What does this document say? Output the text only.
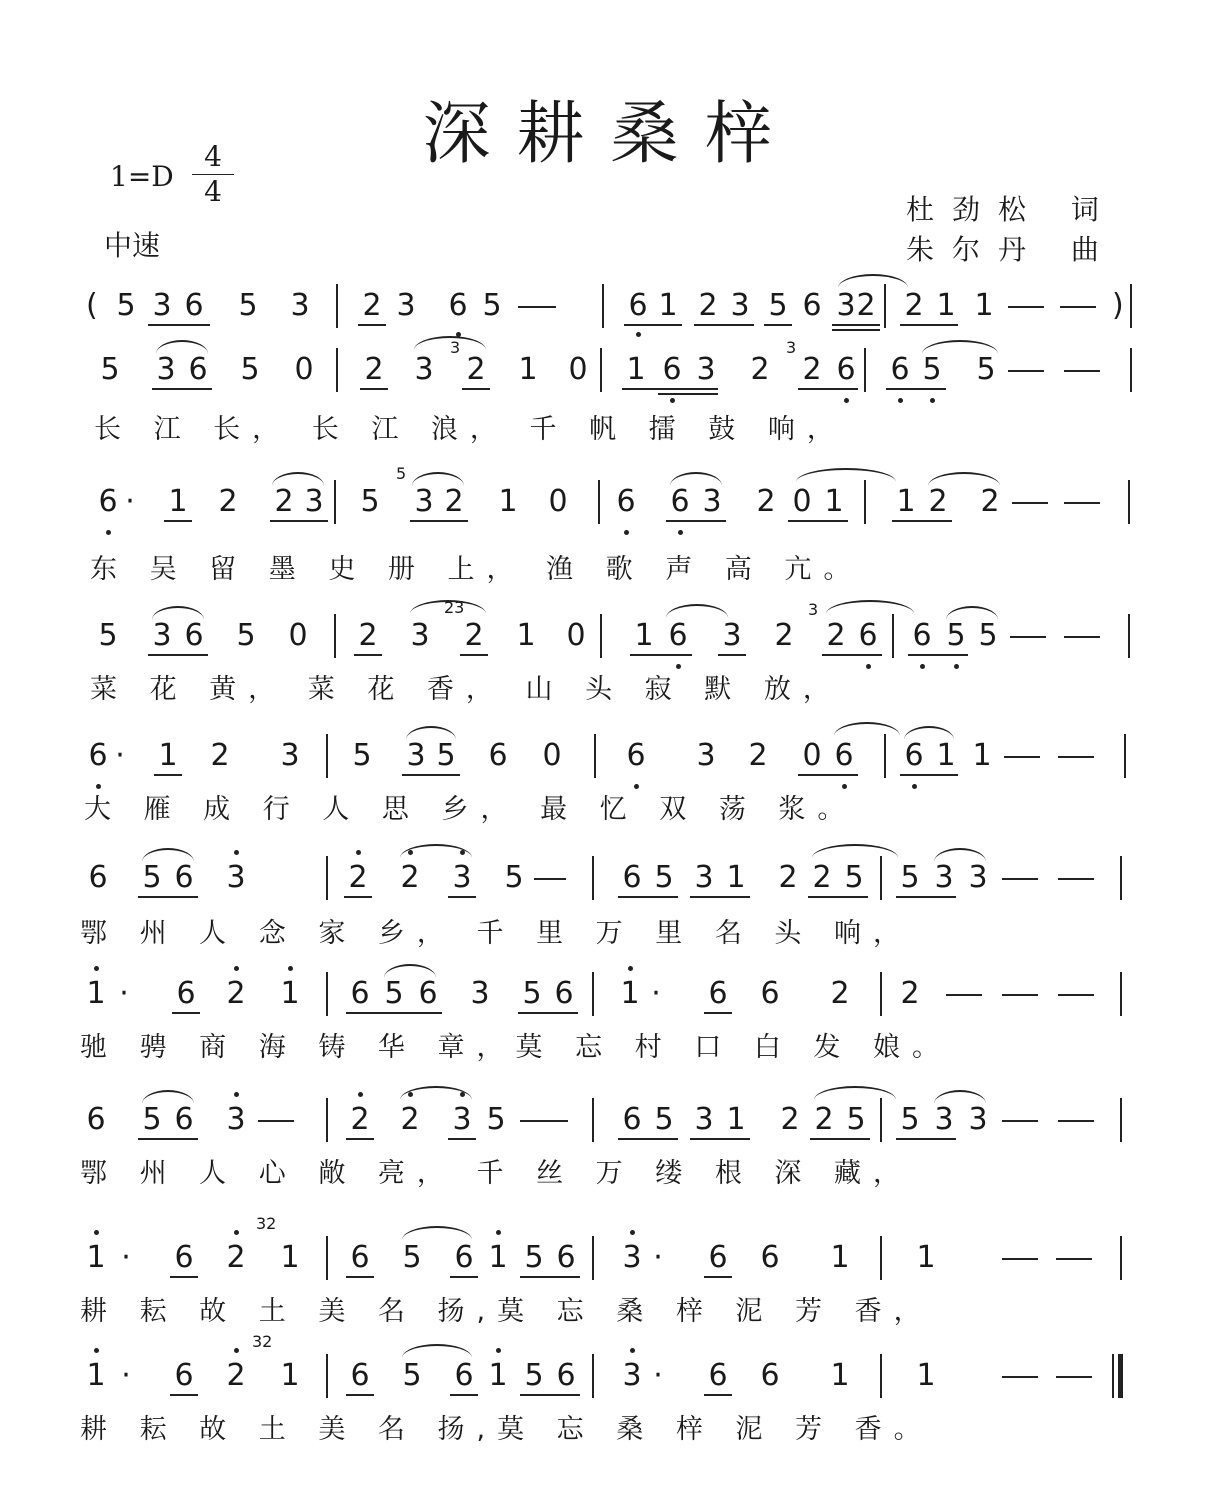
深耕桑梓
1=D
4
4
中速
杜劲松 词
朱尔丹 曲
( 5 3 6 5 3 2 3 6 5	6 1 2 3 5 6 3 2 2 1 1	)
5 3 6 5 0 2 3
3
2 1 0 1 6 3 2
3
2 6 6 5 5
长 江 长， 长 江 浪， 千 帆 擂 鼓 响，
6 ·	1 2 2 3 5
5
3 2 1 0 6 6 3 2 0 1 1 2 2
东 吴 留 墨 史 册 上， 渔 歌 声 高 亢。
5 3 6 5 0 2 3
23
2 1 0 1 6 3 2
3
2 6 6 5 5
菜 花 黄， 菜 花 香， 山 头 寂 默 放，
6 ·	1 2 3 5 3 5 6 0 6 3 2 0 6 6 1 1
大 雁 成 行 人 思 乡， 最 忆 双 荡 浆。
6 5 6 3	2 2 3 5	6 5 3 1 2 2 5 5 3 3
鄂 州 人 念 家 乡， 千 里 万 里 名 头 响，
1 ·	6 2 1 6 5 6 3 5 6 1 ·	6 6 2 2
驰 骋 商 海 铸 华 章，莫 忘 村 口 白 发 娘。
6 5 6 3	2 2 3 5	6 5 3 1 2 2 5 5 3 3
鄂 州 人 心 敞 亮， 千 丝 万 缕 根 深 藏，
1 ·	6 2
32
1 6 5 6 1 5 6 3 ·	6 6 1 1
耕 耘 故 土 美 名 扬,莫 忘 桑 梓 泥 芳 香，
1 ·	6 2
32
1 6 5 6 1 5 6 3 ·	6 6 1 1
耕 耘 故 土 美 名 扬,莫 忘 桑 梓 泥 芳 香。
